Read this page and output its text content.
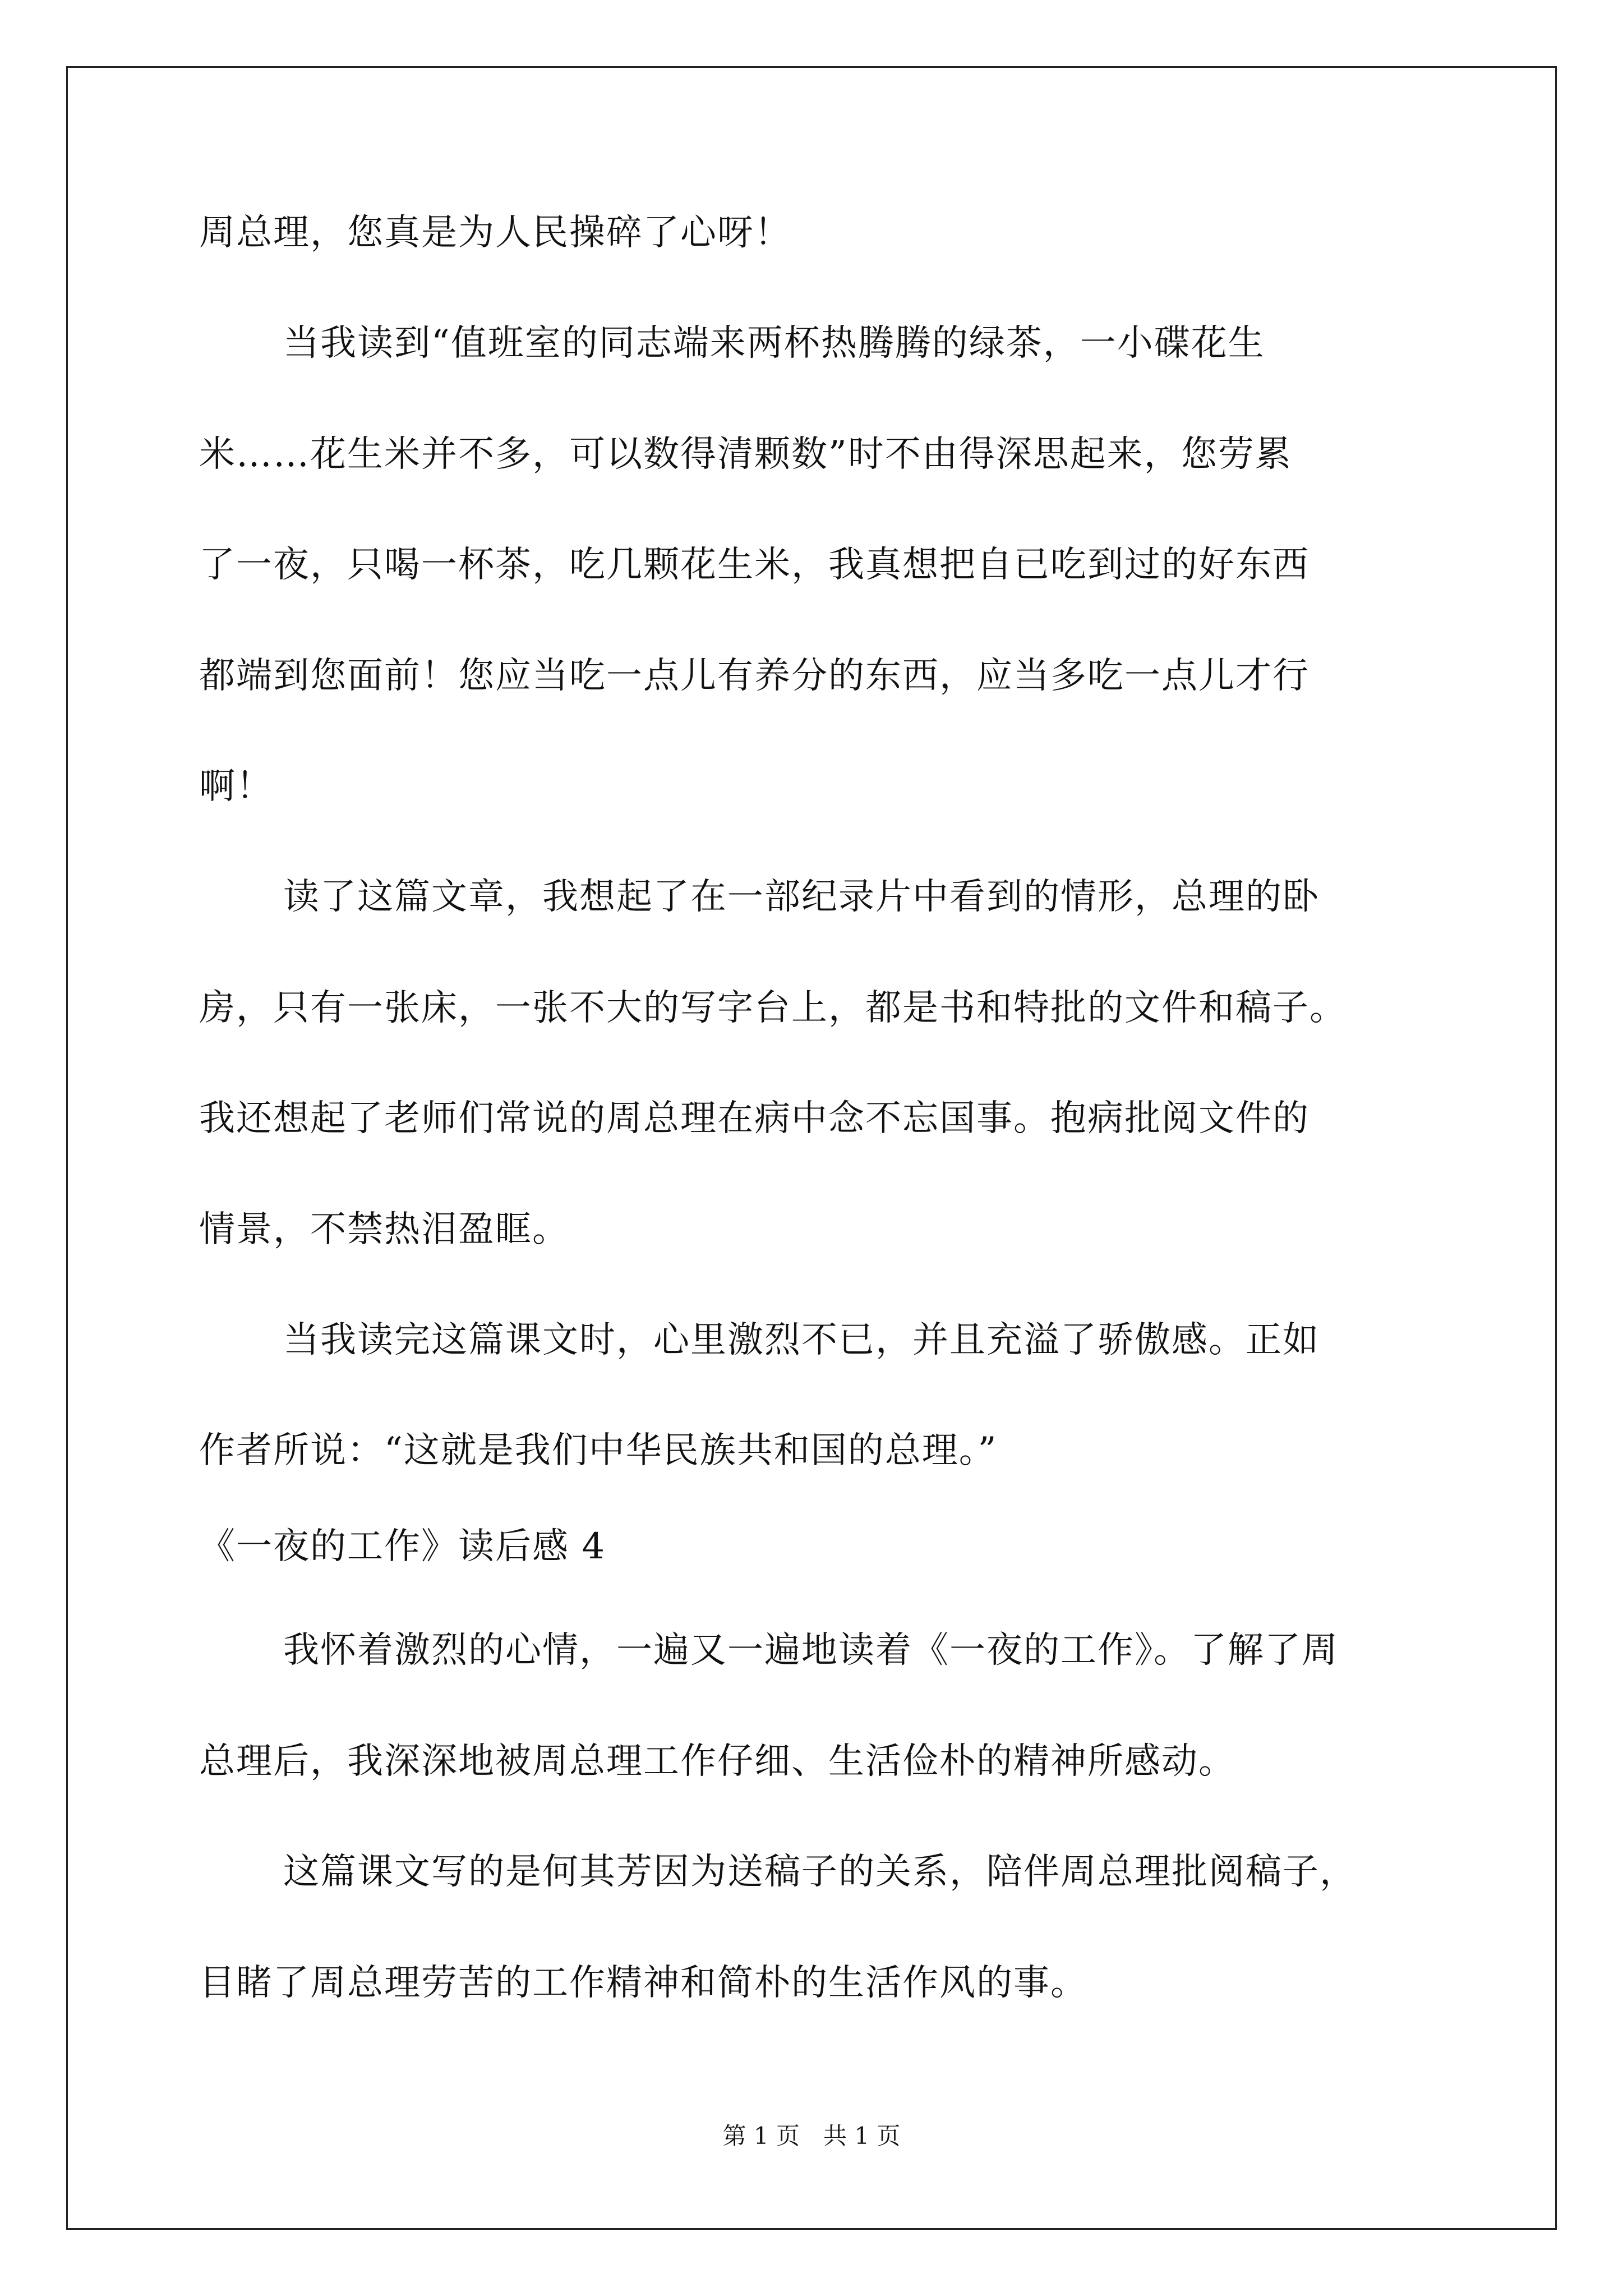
周总理，您真是为人民操碎了心呀！
当我读到“值班室的同志端来两杯热腾腾的绿茶，一小碟花生
米……花生米并不多，可以数得清颗数”时不由得深思起来，您劳累
了一夜，只喝一杯茶，吃几颗花生米，我真想把自已吃到过的好东西
都端到您面前！您应当吃一点儿有养分的东西，应当多吃一点儿才行
啊！
读了这篇文章，我想起了在一部纪录片中看到的情形，总理的卧
房，只有一张床，一张不大的写字台上，都是书和特批的文件和稿子。
我还想起了老师们常说的周总理在病中念不忘国事。抱病批阅文件的
情景，不禁热泪盈眶。
当我读完这篇课文时，心里激烈不已，并且充溢了骄傲感。正如
作者所说：“这就是我们中华民族共和国的总理。”
《一夜的工作》读后感 4
我怀着激烈的心情，一遍又一遍地读着《一夜的工作》。了解了周
总理后，我深深地被周总理工作仔细、生活俭朴的精神所感动。
这篇课文写的是何其芳因为送稿子的关系，陪伴周总理批阅稿子，
目睹了周总理劳苦的工作精神和简朴的生活作风的事。
第 1 页　共 1 页
